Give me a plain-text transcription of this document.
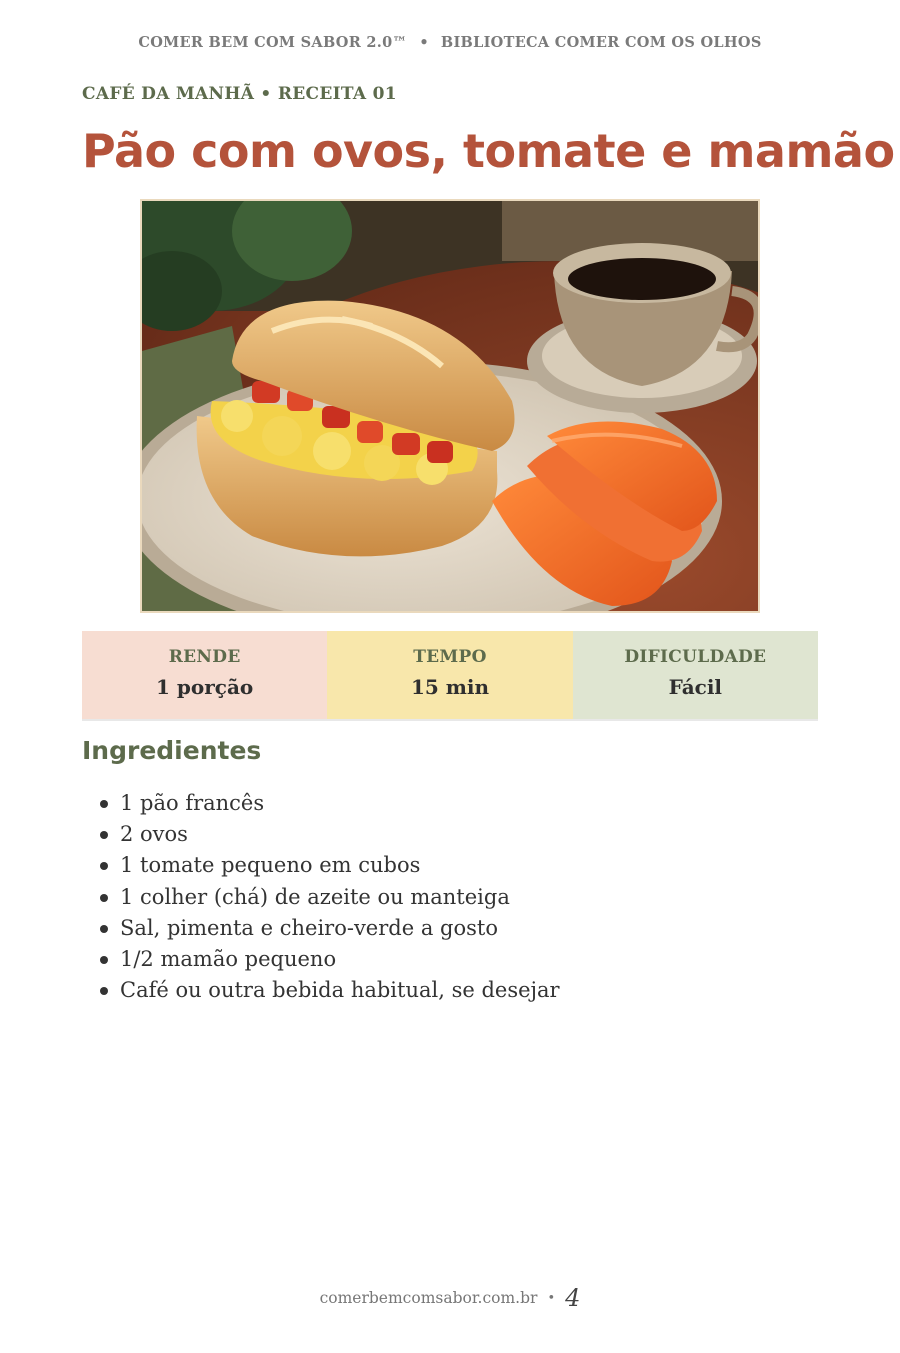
COMER BEM COM SABOR 2.0™ • BIBLIOTECA COMER COM OS OLHOS
CAFÉ DA MANHÃ • RECEITA 01
Pão com ovos, tomate e mamão
RENDE
1 porção
TEMPO
15 min
DIFICULDADE
Fácil
Ingredientes
1 pão francês
2 ovos
1 tomate pequeno em cubos
1 colher (chá) de azeite ou manteiga
Sal, pimenta e cheiro-verde a gosto
1/2 mamão pequeno
Café ou outra bebida habitual, se desejar
comerbemcomsabor.com.br • 4
